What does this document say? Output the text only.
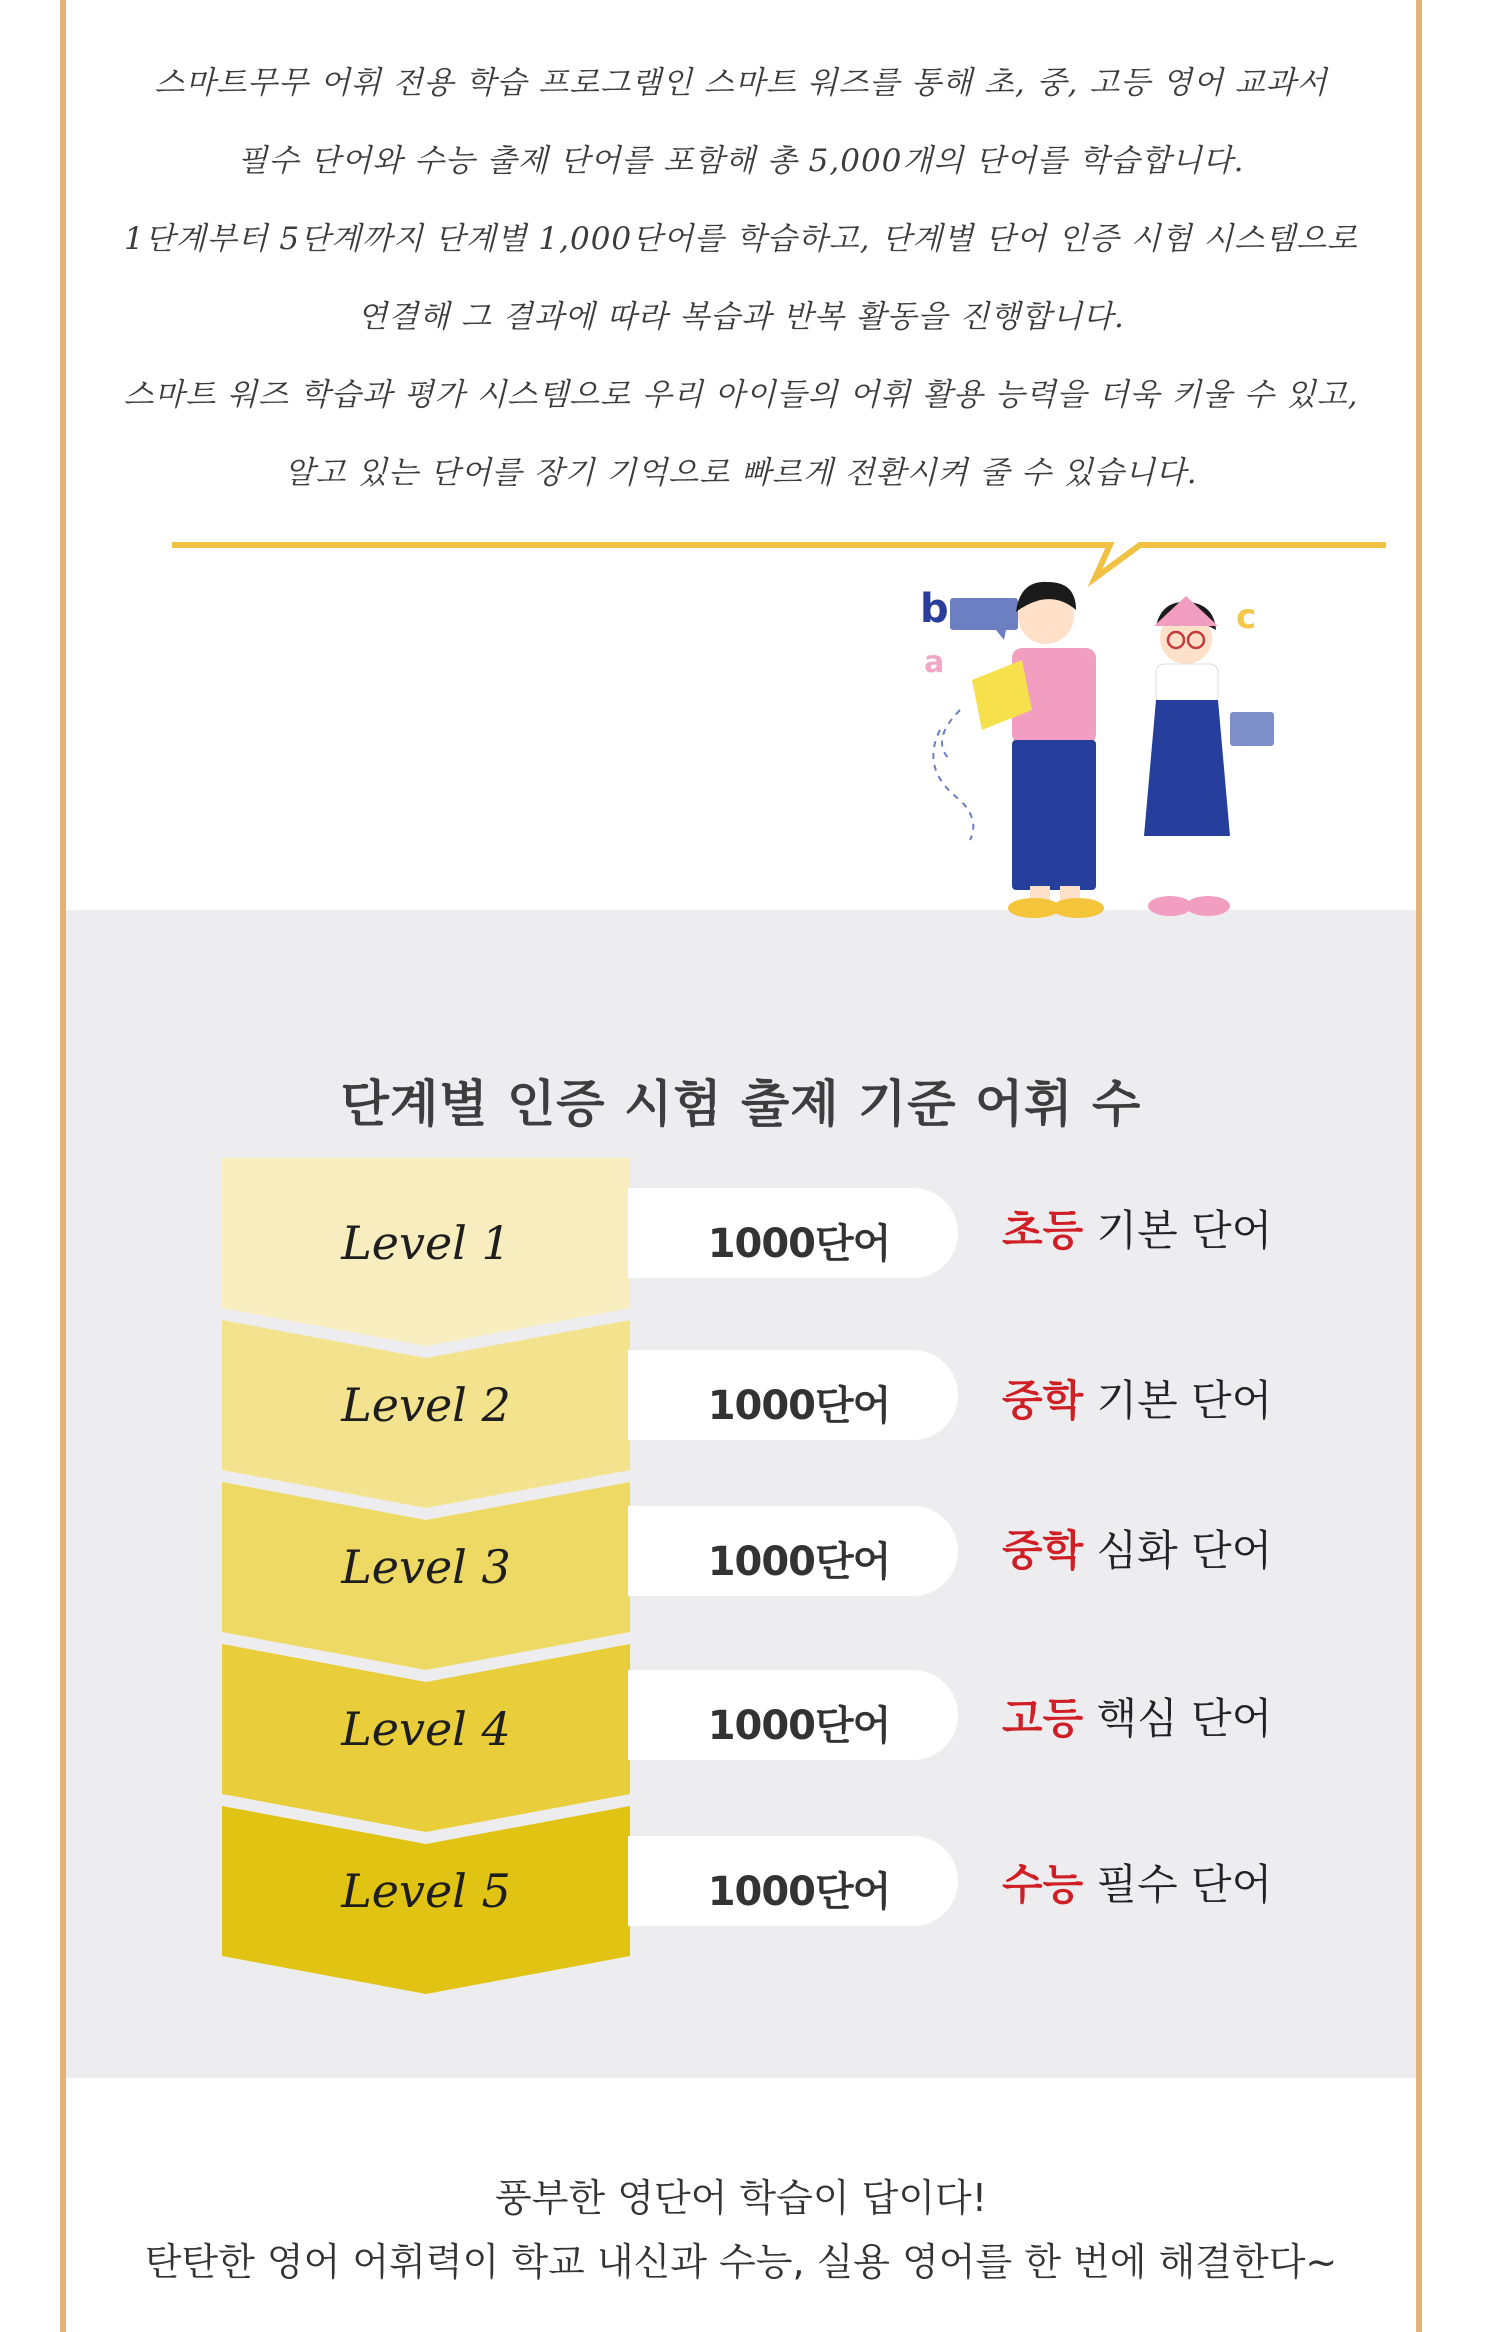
스마트무무 어휘 전용 학습 프로그램인 스마트 워즈를 통해 초, 중, 고등 영어 교과서

필수 단어와 수능 출제 단어를 포함해 총 5,000개의 단어를 학습합니다.

1단계부터 5단계까지 단계별 1,000단어를 학습하고, 단계별 단어 인증 시험 시스템으로

연결해 그 결과에 따라 복습과 반복 활동을 진행합니다.

스마트 워즈 학습과 평가 시스템으로 우리 아이들의 어휘 활용 능력을 더욱 키울 수 있고,

알고 있는 단어를 장기 기억으로 빠르게 전환시켜 줄 수 있습니다.

b
a
c
단계별 인증 시험 출제 기준 어휘 수
Level 1	1000단어	초등 기본 단어
Level 2	1000단어	중학 기본 단어
Level 3	1000단어	중학 심화 단어
Level 4	1000단어	고등 핵심 단어
Level 5	1000단어	수능 필수 단어

풍부한 영단어 학습이 답이다!

탄탄한 영어 어휘력이 학교 내신과 수능, 실용 영어를 한 번에 해결한다~
